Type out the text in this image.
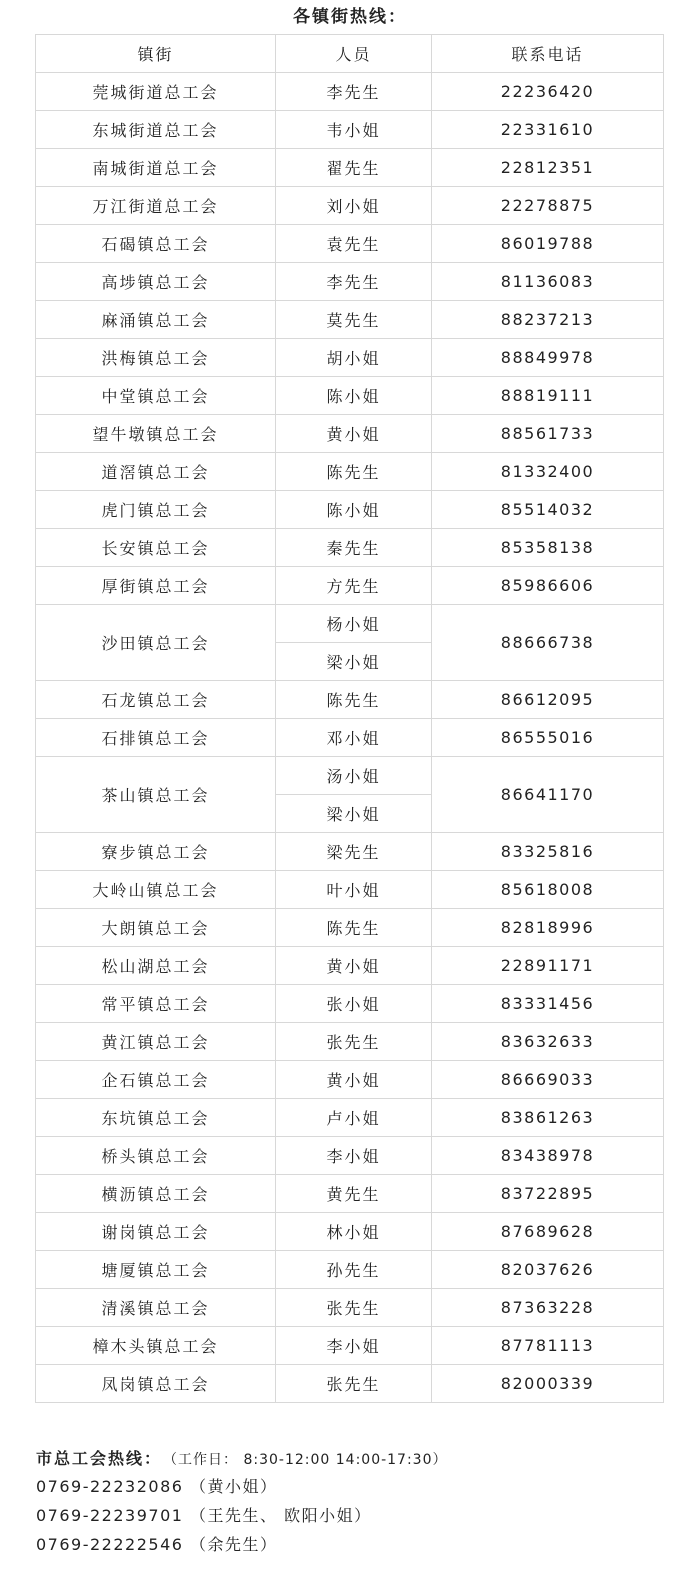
各镇街热线：
镇街	人员	联系电话
莞城街道总工会	李先生	22236420
东城街道总工会	韦小姐	22331610
南城街道总工会	翟先生	22812351
万江街道总工会	刘小姐	22278875
石碣镇总工会	袁先生	86019788
高埗镇总工会	李先生	81136083
麻涌镇总工会	莫先生	88237213
洪梅镇总工会	胡小姐	88849978
中堂镇总工会	陈小姐	88819111
望牛墩镇总工会	黄小姐	88561733
道滘镇总工会	陈先生	81332400
虎门镇总工会	陈小姐	85514032
长安镇总工会	秦先生	85358138
厚街镇总工会	方先生	85986606
沙田镇总工会	杨小姐	88666738
	梁小姐	
石龙镇总工会	陈先生	86612095
石排镇总工会	邓小姐	86555016
茶山镇总工会	汤小姐	86641170
	梁小姐	
寮步镇总工会	梁先生	83325816
大岭山镇总工会	叶小姐	85618008
大朗镇总工会	陈先生	82818996
松山湖总工会	黄小姐	22891171
常平镇总工会	张小姐	83331456
黄江镇总工会	张先生	83632633
企石镇总工会	黄小姐	86669033
东坑镇总工会	卢小姐	83861263
桥头镇总工会	李小姐	83438978
横沥镇总工会	黄先生	83722895
谢岗镇总工会	林小姐	87689628
塘厦镇总工会	孙先生	82037626
清溪镇总工会	张先生	87363228
樟木头镇总工会	李小姐	87781113
凤岗镇总工会	张先生	82000339
市总工会热线： （工作日： 8:30-12:00 14:00-17:30）
0769-22232086 （黄小姐）
0769-22239701 （王先生、 欧阳小姐）
0769-22222546 （余先生）
